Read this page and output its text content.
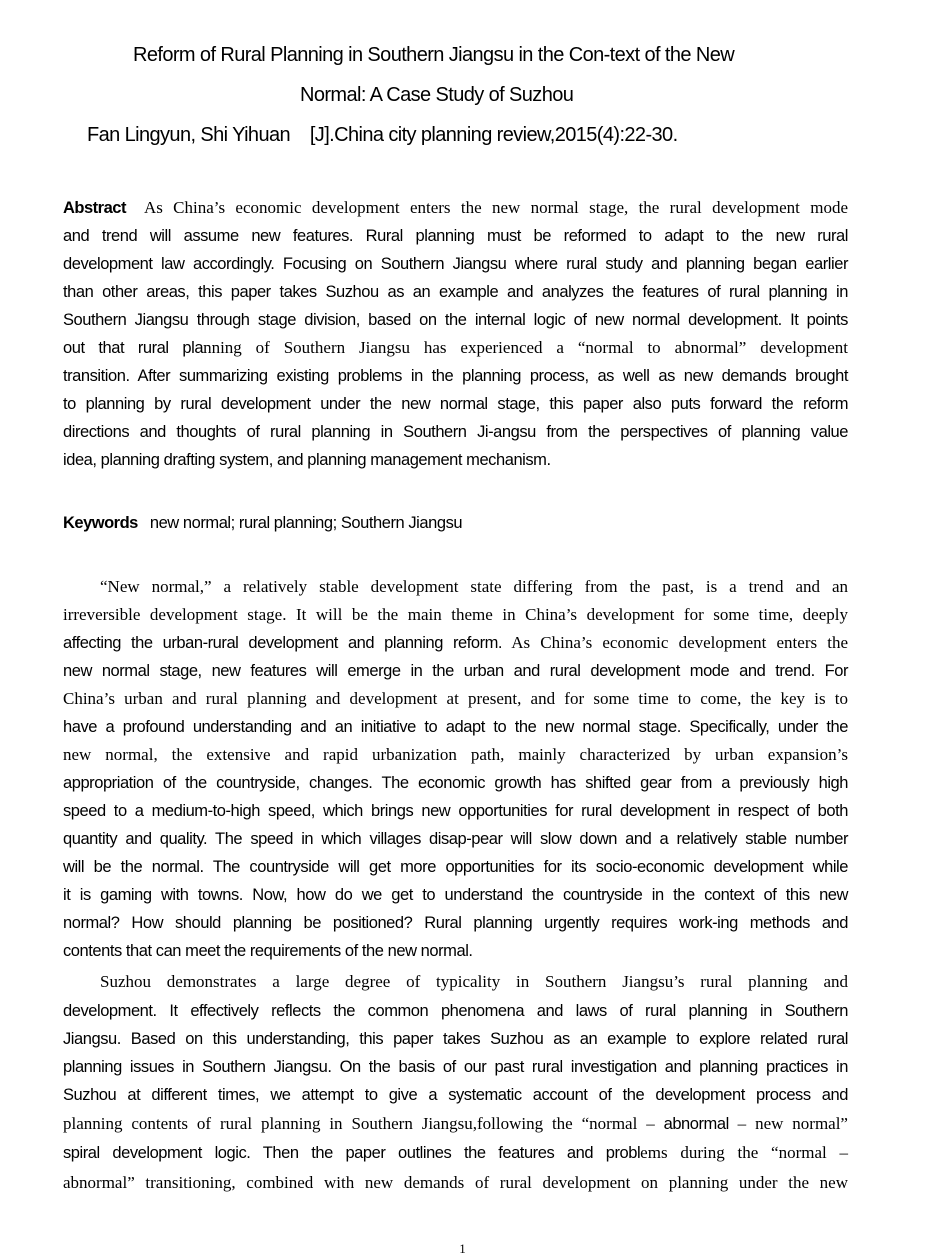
Reform of Rural Planning in Southern Jiangsu in the Con-text of the New
Normal: A Case Study of Suzhou
Fan Lingyun, Shi Yihuan    [J].China city planning review,2015(4):22-30.
Abstract As China’s economic development enters the new normal stage, the rural development mode
and trend will assume new features. Rural planning must be reformed to adapt to the new rural
development law accordingly. Focusing on Southern Jiangsu where rural study and planning began earlier
than other areas, this paper takes Suzhou as an example and analyzes the features of rural planning in
Southern Jiangsu through stage division, based on the internal logic of new normal development. It points
out that rural planning of Southern Jiangsu has experienced a “normal to abnormal” development
transition. After summarizing existing problems in the planning process, as well as new demands brought
to planning by rural development under the new normal stage, this paper also puts forward the reform
directions and thoughts of rural planning in Southern Ji-angsu from the perspectives of planning value
idea, planning drafting system, and planning management mechanism.
Keywords new normal; rural planning; Southern Jiangsu
“New normal,” a relatively stable development state differing from the past, is a trend and an
irreversible development stage. It will be the main theme in China’s development for some time, deeply
affecting the urban-rural development and planning reform. As China’s economic development enters the
new normal stage, new features will emerge in the urban and rural development mode and trend. For
China’s urban and rural planning and development at present, and for some time to come, the key is to
have a profound understanding and an initiative to adapt to the new normal stage. Specifically, under the
new normal, the extensive and rapid urbanization path, mainly characterized by urban expansion’s
appropriation of the countryside, changes. The economic growth has shifted gear from a previously high
speed to a medium-to-high speed, which brings new opportunities for rural development in respect of both
quantity and quality. The speed in which villages disap-pear will slow down and a relatively stable number
will be the normal. The countryside will get more opportunities for its socio-economic development while
it is gaming with towns. Now, how do we get to understand the countryside in the context of this new
normal? How should planning be positioned? Rural planning urgently requires work-ing methods and
contents that can meet the requirements of the new normal.
Suzhou demonstrates a large degree of typicality in Southern Jiangsu’s rural planning and
development. It effectively reflects the common phenomena and laws of rural planning in Southern
Jiangsu. Based on this understanding, this paper takes Suzhou as an example to explore related rural
planning issues in Southern Jiangsu. On the basis of our past rural investigation and planning practices in
Suzhou at different times, we attempt to give a systematic account of the development process and
planning contents of rural planning in Southern Jiangsu,following the “normal – abnormal – new normal”
spiral development logic. Then the paper outlines the features and problems during the “normal –
abnormal” transitioning, combined with new demands of rural development on planning under the new
1
